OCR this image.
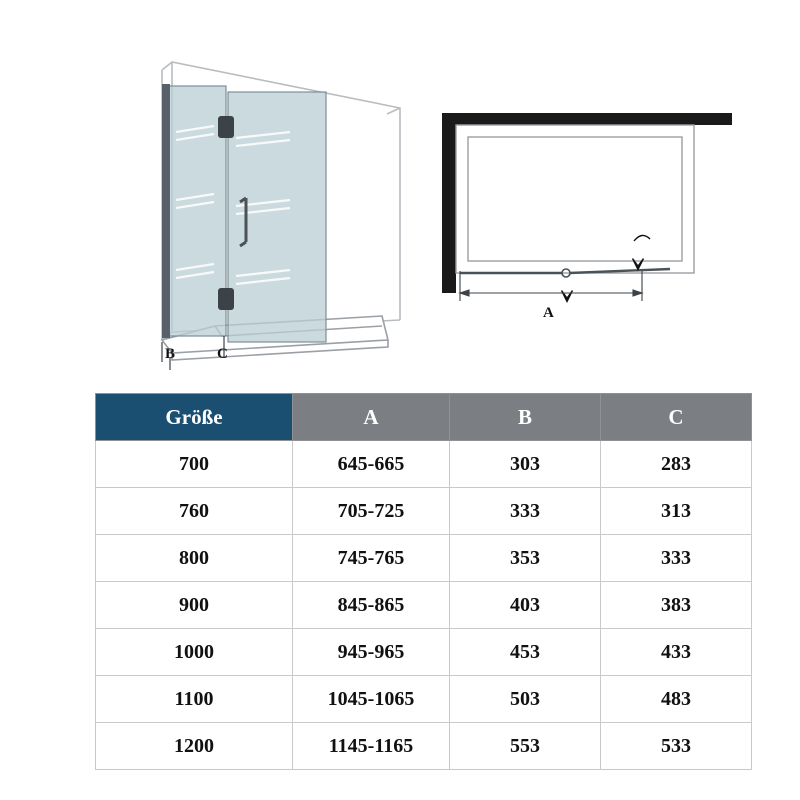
B	C
A
Größe	A	B	C
700	645-665	303	283
760	705-725	333	313
800	745-765	353	333
900	845-865	403	383
1000	945-965	453	433
1100	1045-1065	503	483
1200	1145-1165	553	533
